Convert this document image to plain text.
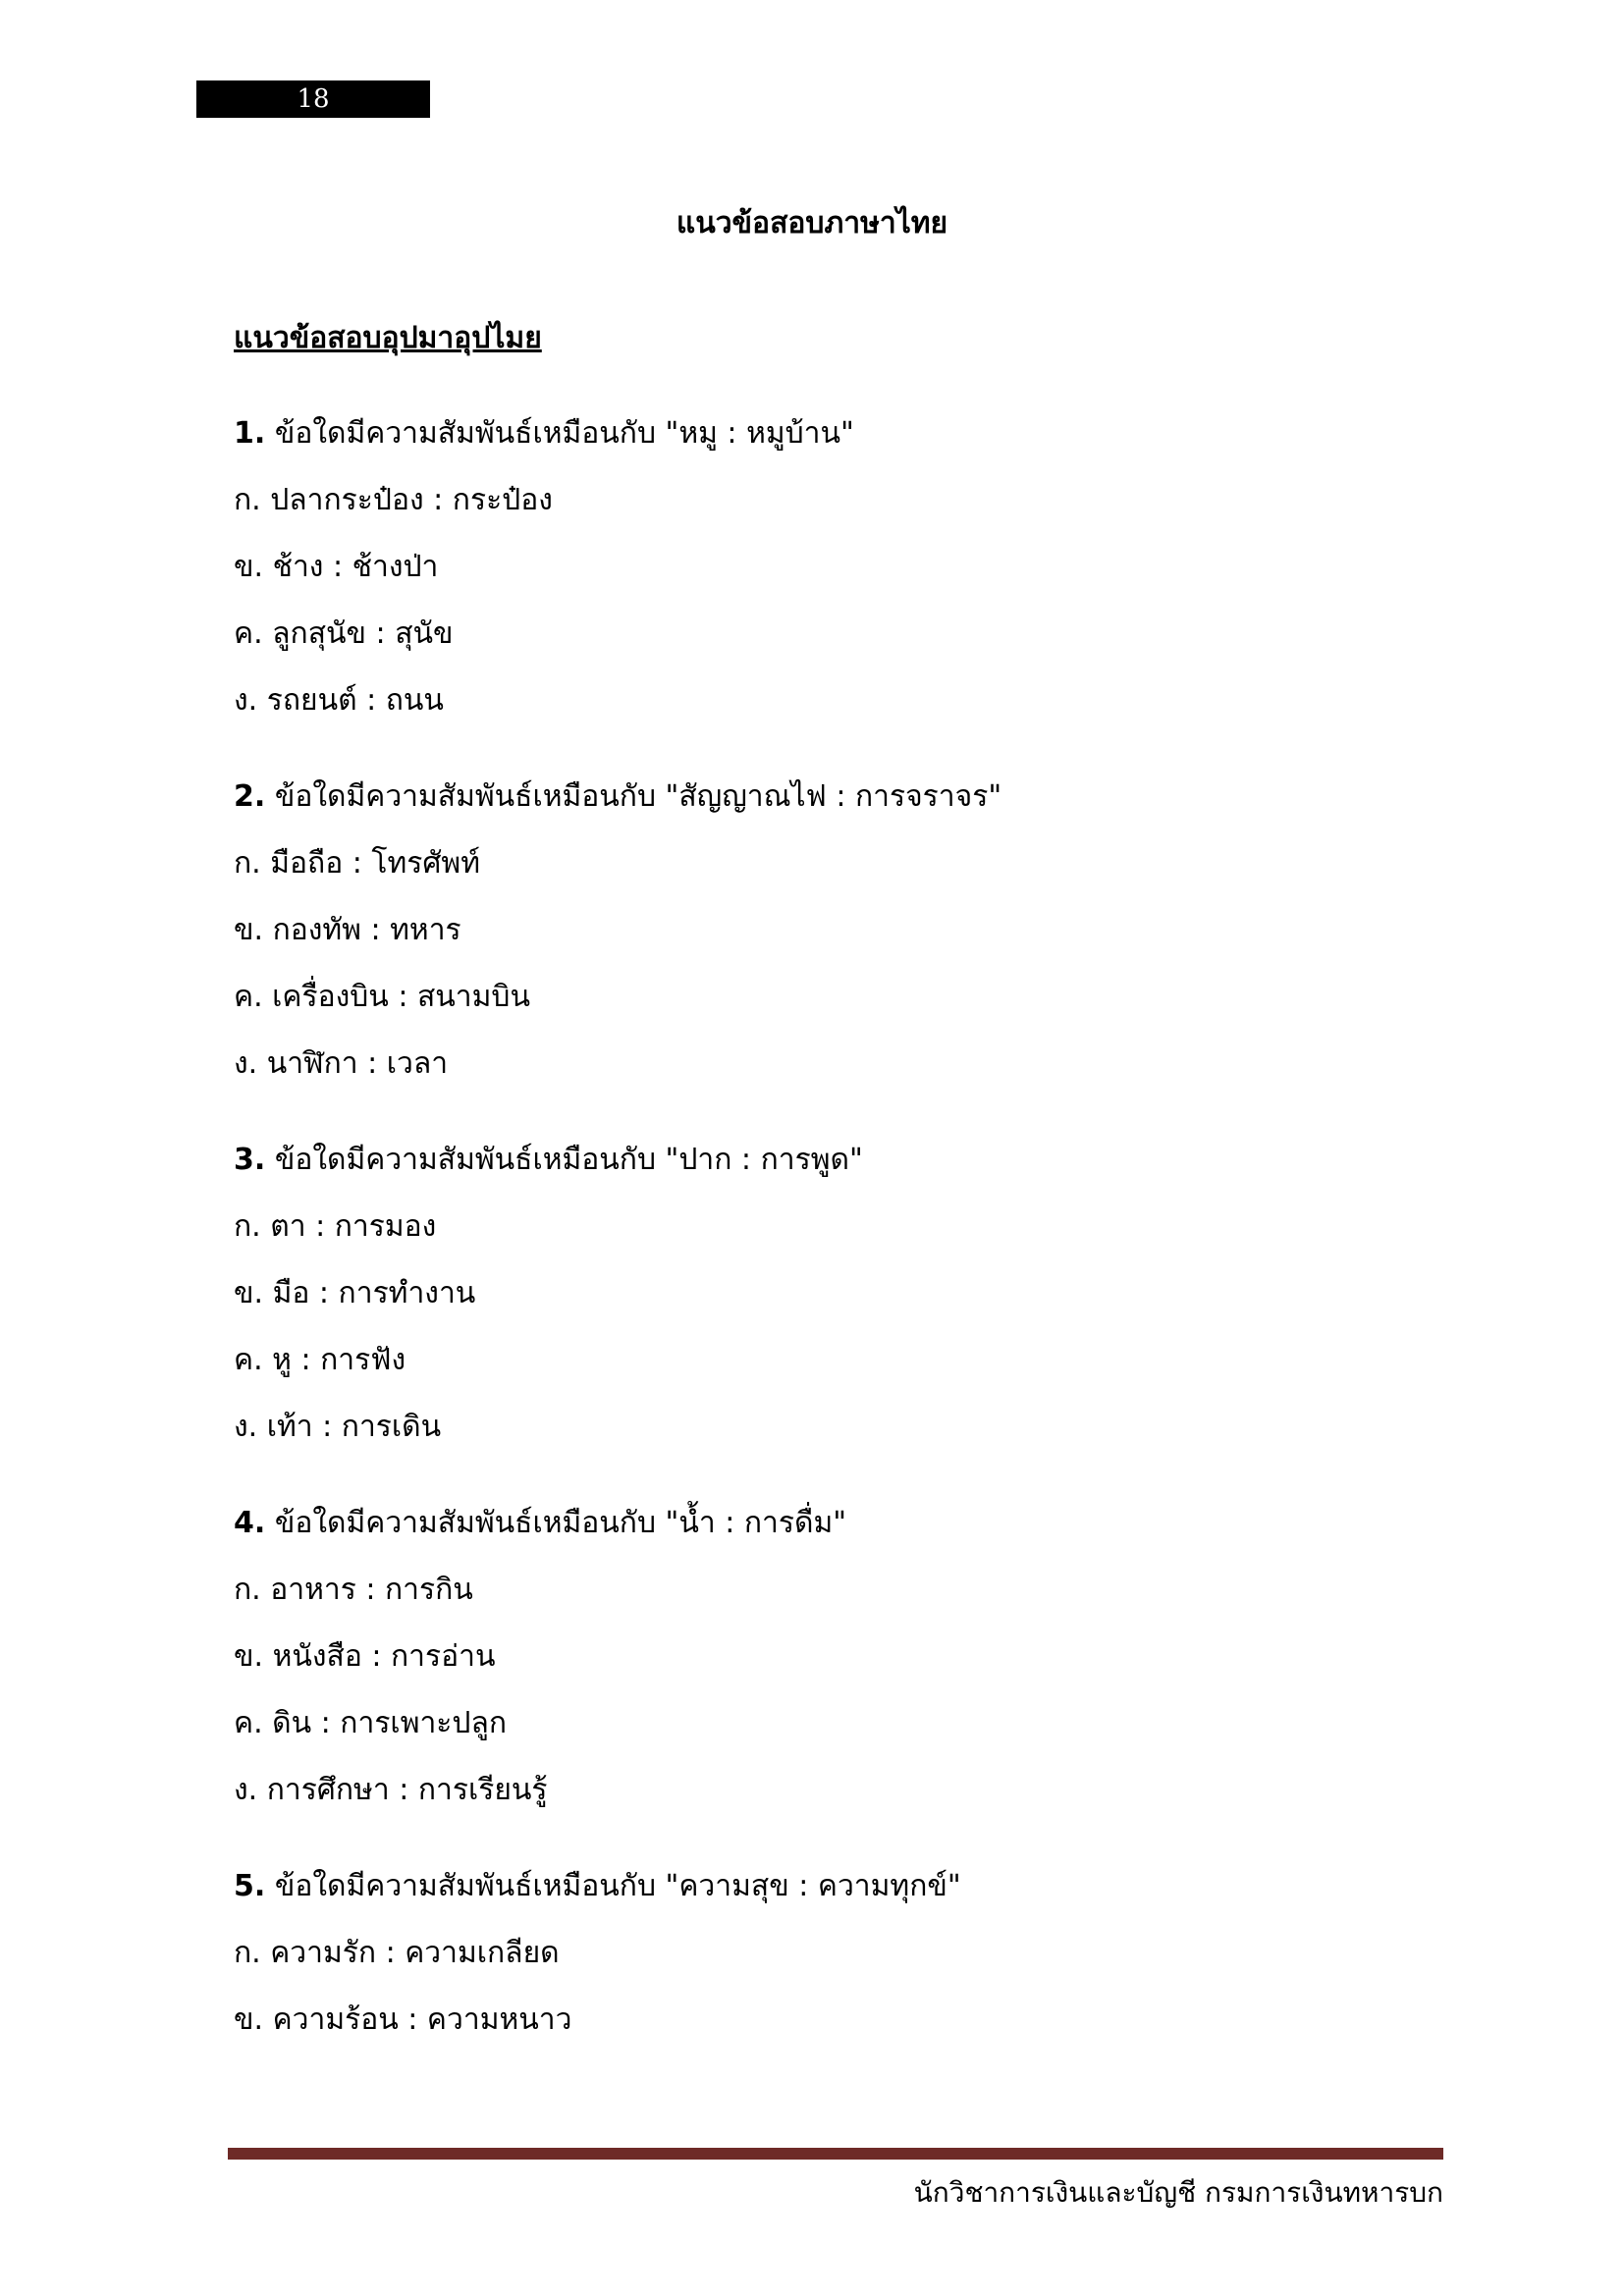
18
แนวข้อสอบภาษาไทย
แนวข้อสอบอุปมาอุปไมย
1. ข้อใดมีความสัมพันธ์เหมือนกับ "หมู : หมูบ้าน"
ก. ปลากระป๋อง : กระป๋อง
ข. ช้าง : ช้างป่า
ค. ลูกสุนัข : สุนัข
ง. รถยนต์ : ถนน
2. ข้อใดมีความสัมพันธ์เหมือนกับ "สัญญาณไฟ : การจราจร"
ก. มือถือ : โทรศัพท์
ข. กองทัพ : ทหาร
ค. เครื่องบิน : สนามบิน
ง. นาฬิกา : เวลา
3. ข้อใดมีความสัมพันธ์เหมือนกับ "ปาก : การพูด"
ก. ตา : การมอง
ข. มือ : การทำงาน
ค. หู : การฟัง
ง. เท้า : การเดิน
4. ข้อใดมีความสัมพันธ์เหมือนกับ "น้ำ : การดื่ม"
ก. อาหาร : การกิน
ข. หนังสือ : การอ่าน
ค. ดิน : การเพาะปลูก
ง. การศึกษา : การเรียนรู้
5. ข้อใดมีความสัมพันธ์เหมือนกับ "ความสุข : ความทุกข์"
ก. ความรัก : ความเกลียด
ข. ความร้อน : ความหนาว
นักวิชาการเงินและบัญชี กรมการเงินทหารบก
